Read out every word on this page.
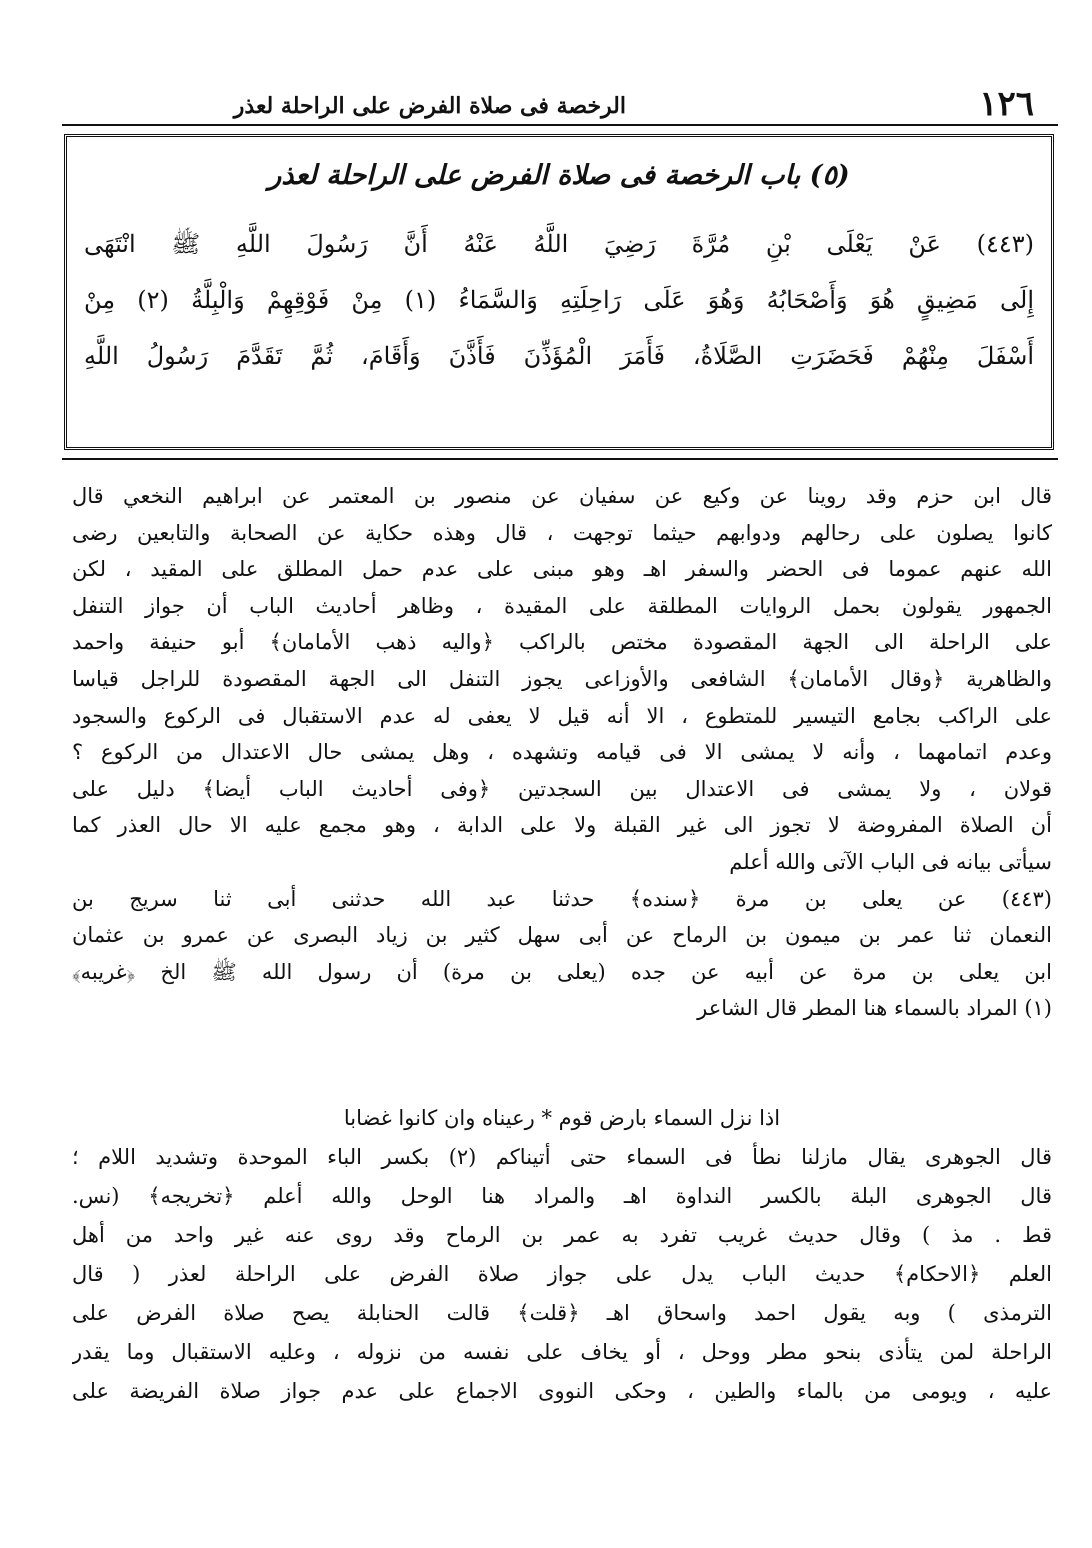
١٢٦
الرخصة فى صلاة الفرض على الراحلة لعذر
(٥) باب الرخصة فى صلاة الفرض على الراحلة لعذر
(٤٤٣) عَنْ يَعْلَى بْنِ مُرَّةَ رَضِيَ اللَّهُ عَنْهُ أَنَّ رَسُولَ اللَّهِ ﷺ انْتَهَى
إِلَى مَضِيقٍ هُوَ وَأَصْحَابُهُ وَهُوَ عَلَى رَاحِلَتِهِ وَالسَّمَاءُ (١) مِنْ فَوْقِهِمْ وَالْبِلَّةُ (٢) مِنْ
أَسْفَلَ مِنْهُمْ فَحَضَرَتِ الصَّلَاةُ، فَأَمَرَ الْمُؤَذِّنَ فَأَذَّنَ وَأَقَامَ، ثُمَّ تَقَدَّمَ رَسُولُ اللَّهِ
قال ابن حزم وقد روينا عن وكيع عن سفيان عن منصور بن المعتمر عن ابراهيم النخعي قال
كانوا يصلون على رحالهم ودوابهم حيثما توجهت ، قال وهذه حكاية عن الصحابة والتابعين رضى
الله عنهم عموما فى الحضر والسفر اهـ وهو مبنى على عدم حمل المطلق على المقيد ، لكن
الجمهور يقولون بحمل الروايات المطلقة على المقيدة ، وظاهر أحاديث الباب أن جواز التنفل
على الراحلة الى الجهة المقصودة مختص بالراكب ﴿واليه ذهب الأمامان﴾ أبو حنيفة واحمد
والظاهرية ﴿وقال الأمامان﴾ الشافعى والأوزاعى يجوز التنفل الى الجهة المقصودة للراجل قياسا
على الراكب بجامع التيسير للمتطوع ، الا أنه قيل لا يعفى له عدم الاستقبال فى الركوع والسجود
وعدم اتمامهما ، وأنه لا يمشى الا فى قيامه وتشهده ، وهل يمشى حال الاعتدال من الركوع ؟
قولان ، ولا يمشى فى الاعتدال بين السجدتين ﴿وفى أحاديث الباب أيضا﴾ دليل على
أن الصلاة المفروضة لا تجوز الى غير القبلة ولا على الدابة ، وهو مجمع عليه الا حال العذر كما
سيأتى بيانه فى الباب الآتى والله أعلم
(٤٤٣) عن يعلى بن مرة ﴿سنده﴾ حدثنا عبد الله حدثنى أبى ثنا سريج بن
النعمان ثنا عمر بن ميمون بن الرماح عن أبى سهل كثير بن زياد البصرى عن عمرو بن عثمان
ابن يعلى بن مرة عن أبيه عن جده (يعلى بن مرة) أن رسول الله ﷺ الخ ﴿غريبه﴾
(١) المراد بالسماء هنا المطر قال الشاعر
اذا نزل السماء بارض قوم * رعيناه وان كانوا غضابا
قال الجوهرى يقال مازلنا نطأ فى السماء حتى أتيناكم (٢) بكسر الباء الموحدة وتشديد اللام ؛
قال الجوهرى البلة بالكسر النداوة اهـ والمراد هنا الوحل والله أعلم ﴿تخريجه﴾ (نس.
قط . مذ ) وقال حديث غريب تفرد به عمر بن الرماح وقد روى عنه غير واحد من أهل
العلم ﴿الاحكام﴾ حديث الباب يدل على جواز صلاة الفرض على الراحلة لعذر ( قال
الترمذى ) وبه يقول احمد واسحاق اهـ ﴿قلت﴾ قالت الحنابلة يصح صلاة الفرض على
الراحلة لمن يتأذى بنحو مطر ووحل ، أو يخاف على نفسه من نزوله ، وعليه الاستقبال وما يقدر
عليه ، ويومى من بالماء والطين ، وحكى النووى الاجماع على عدم جواز صلاة الفريضة على
